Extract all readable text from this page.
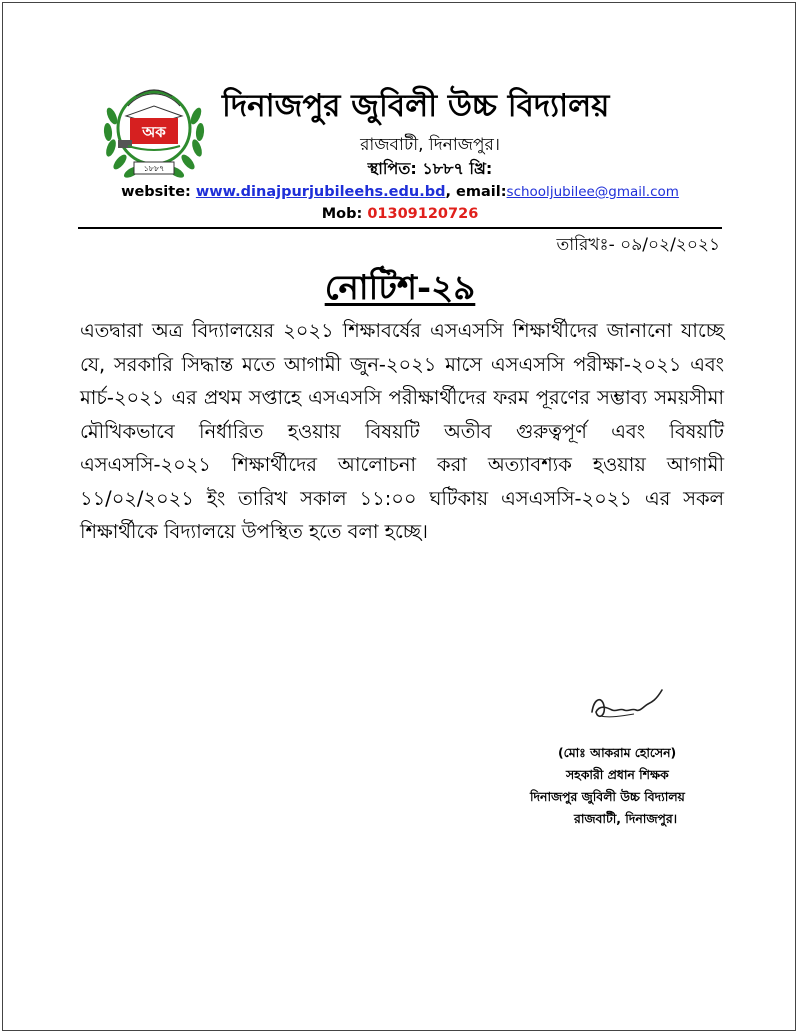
অক
১৮৮৭
দিনাজপুর জুবিলী উচ্চ বিদ্যালয়
রাজবাটী, দিনাজপুর।
স্থাপিত: ১৮৮৭ খ্রি:
website: www.dinajpurjubileehs.edu.bd, email:schooljubilee@gmail.com
Mob: 01309120726
তারিখঃ- ০৯/০২/২০২১
নোটিশ-২৯
এতদ্বারা অত্র বিদ্যালয়ের ২০২১ শিক্ষাবর্ষের এসএসসি শিক্ষার্থীদের জানানো যাচ্ছে যে, সরকারি সিদ্ধান্ত মতে আগামী জুন-২০২১ মাসে এসএসসি পরীক্ষা-২০২১ এবং মার্চ-২০২১ এর প্রথম সপ্তাহে এসএসসি পরীক্ষার্থীদের ফরম পূরণের সম্ভাব্য সময়সীমা মৌখিকভাবে নির্ধারিত হওয়ায় বিষয়টি অতীব গুরুত্বপূর্ণ এবং বিষয়টি এসএসসি-২০২১ শিক্ষার্থীদের আলোচনা করা অত্যাবশ্যক হওয়ায় আগামী ১১/০২/২০২১ ইং তারিখ সকাল ১১:০০ ঘটিকায় এসএসসি-২০২১ এর সকল শিক্ষার্থীকে বিদ্যালয়ে উপস্থিত হতে বলা হচ্ছে।
(মোঃ আকরাম হোসেন)
সহকারী প্রধান শিক্ষক
দিনাজপুর জুবিলী উচ্চ বিদ্যালয়
রাজবাটী, দিনাজপুর।
